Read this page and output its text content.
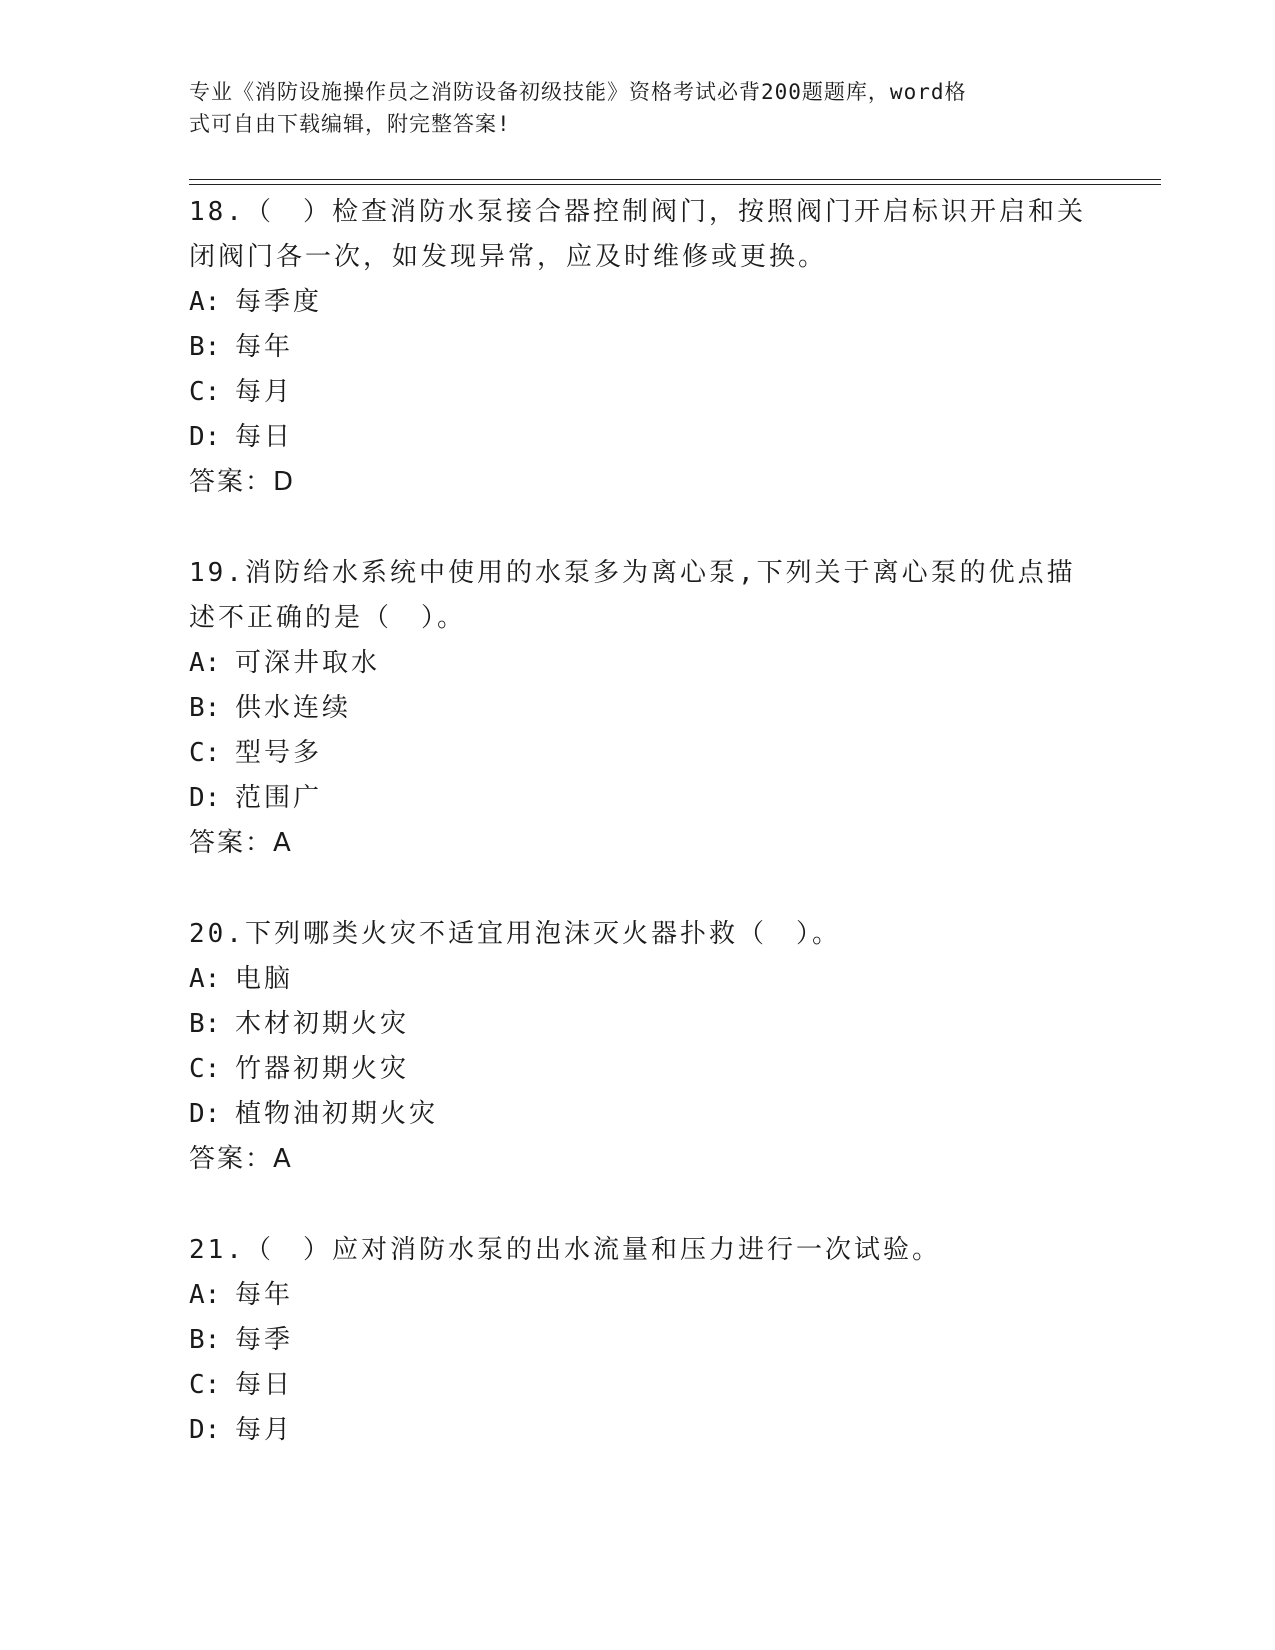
专业《消防设施操作员之消防设备初级技能》资格考试必背200题题库，word格
式可自由下载编辑，附完整答案!

18.（　）检查消防水泵接合器控制阀门，按照阀门开启标识开启和关

闭阀门各一次，如发现异常，应及时维修或更换。

A: 每季度
B: 每年
C: 每月
D: 每日

答案：D

19.消防给水系统中使用的水泵多为离心泵,下列关于离心泵的优点描

述不正确的是（　）。

A: 可深井取水
B: 供水连续
C: 型号多
D: 范围广

答案：A

20.下列哪类火灾不适宜用泡沫灭火器扑救（　）。

A: 电脑
B: 木材初期火灾
C: 竹器初期火灾
D: 植物油初期火灾

答案：A

21.（　）应对消防水泵的出水流量和压力进行一次试验。

A: 每年
B: 每季
C: 每日
D: 每月
